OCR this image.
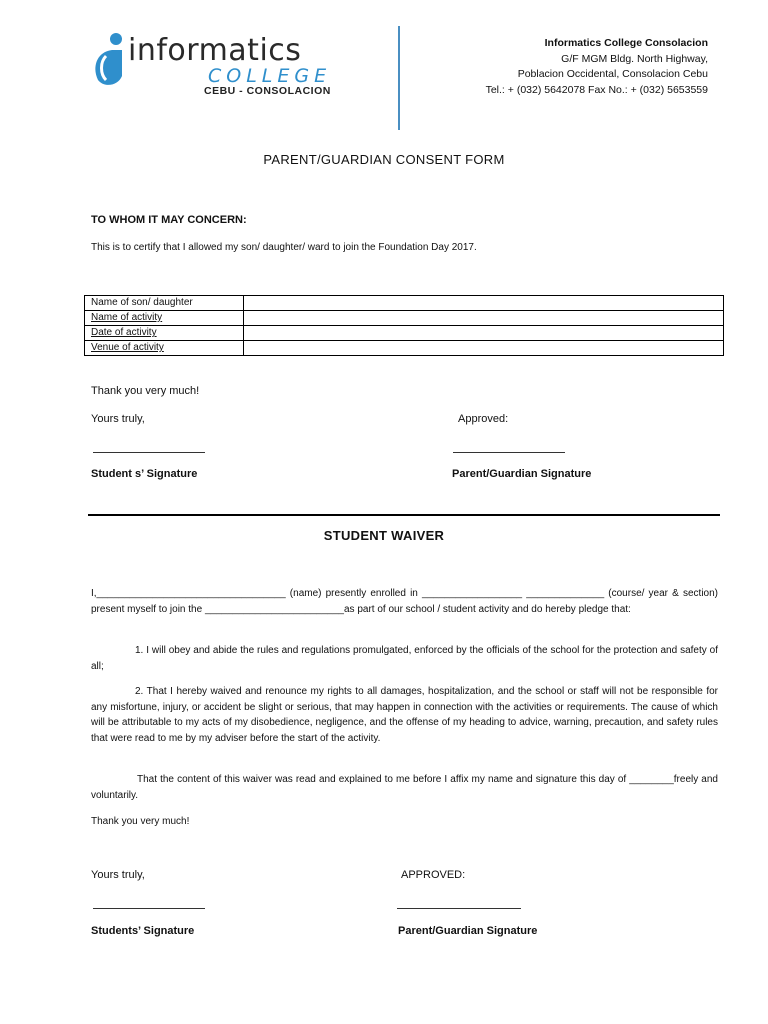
informatics
COLLEGE
CEBU - CONSOLACION
Informatics College Consolacion
G/F MGM Bldg. North Highway,
Poblacion Occidental, Consolacion Cebu
Tel.: + (032) 5642078 Fax No.: + (032) 5653559
PARENT/GUARDIAN CONSENT FORM
TO WHOM IT MAY CONCERN:
This is to certify that I allowed my son/ daughter/ ward to join the Foundation Day 2017.
Name of son/ daughter	
Name of activity	
Date of activity	
Venue of activity	
Thank you very much!
Yours truly,	Approved:
Student s’ Signature	Parent/Guardian Signature
STUDENT WAIVER
I,__________________________________ (name) presently enrolled in __________________ ______________ (course/ year & section) present myself to join the _________________________as part of our school / student activity and do hereby pledge that:
1. I will obey and abide the rules and regulations promulgated, enforced by the officials of the school for the protection and safety of all;
2. That I hereby waived and renounce my rights to all damages, hospitalization, and the school or staff will not be responsible for any misfortune, injury, or accident be slight or serious, that may happen in connection with the activities or requirements. The cause of which will be attributable to my acts of my disobedience, negligence, and the offense of my heading to advice, warning, precaution, and safety rules that were read to me by my adviser before the start of the activity.
That the content of this waiver was read and explained to me before I affix my name and signature this day of ________freely and voluntarily.
Thank you very much!
Yours truly,	APPROVED:
Students’ Signature	Parent/Guardian Signature
